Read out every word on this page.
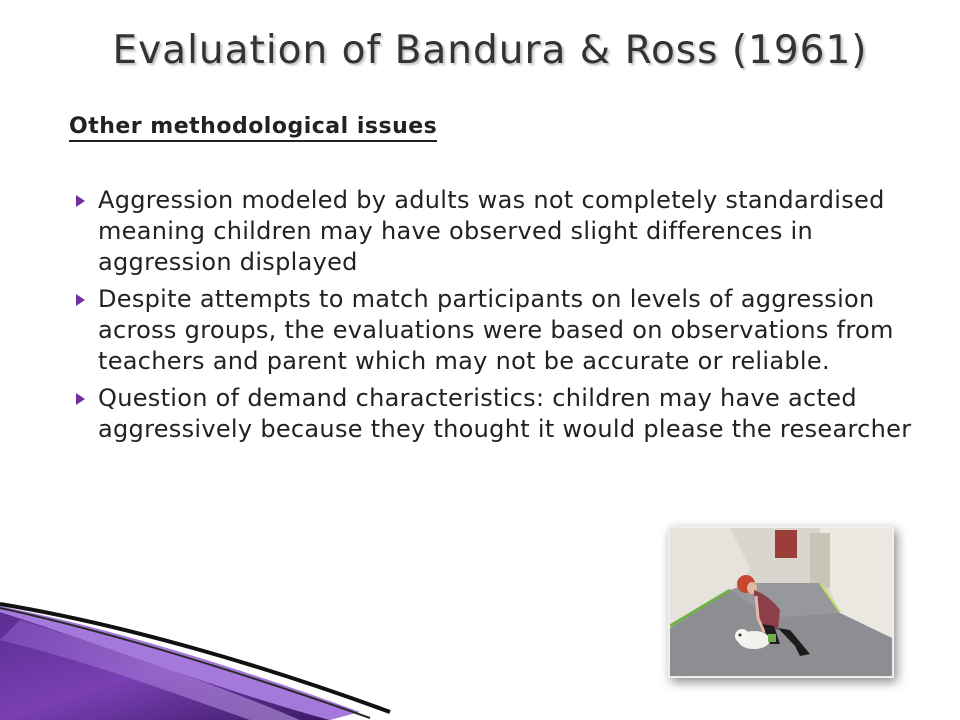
Evaluation of Bandura & Ross (1961)
Other methodological issues
Aggression modeled by adults was not completely standardised meaning children may have observed slight differences in aggression displayed
Despite attempts to match participants on levels of aggression across groups, the evaluations were based on observations from teachers and parent which may not be accurate or reliable.
Question of demand characteristics: children may have acted aggressively because they thought it would please the researcher
